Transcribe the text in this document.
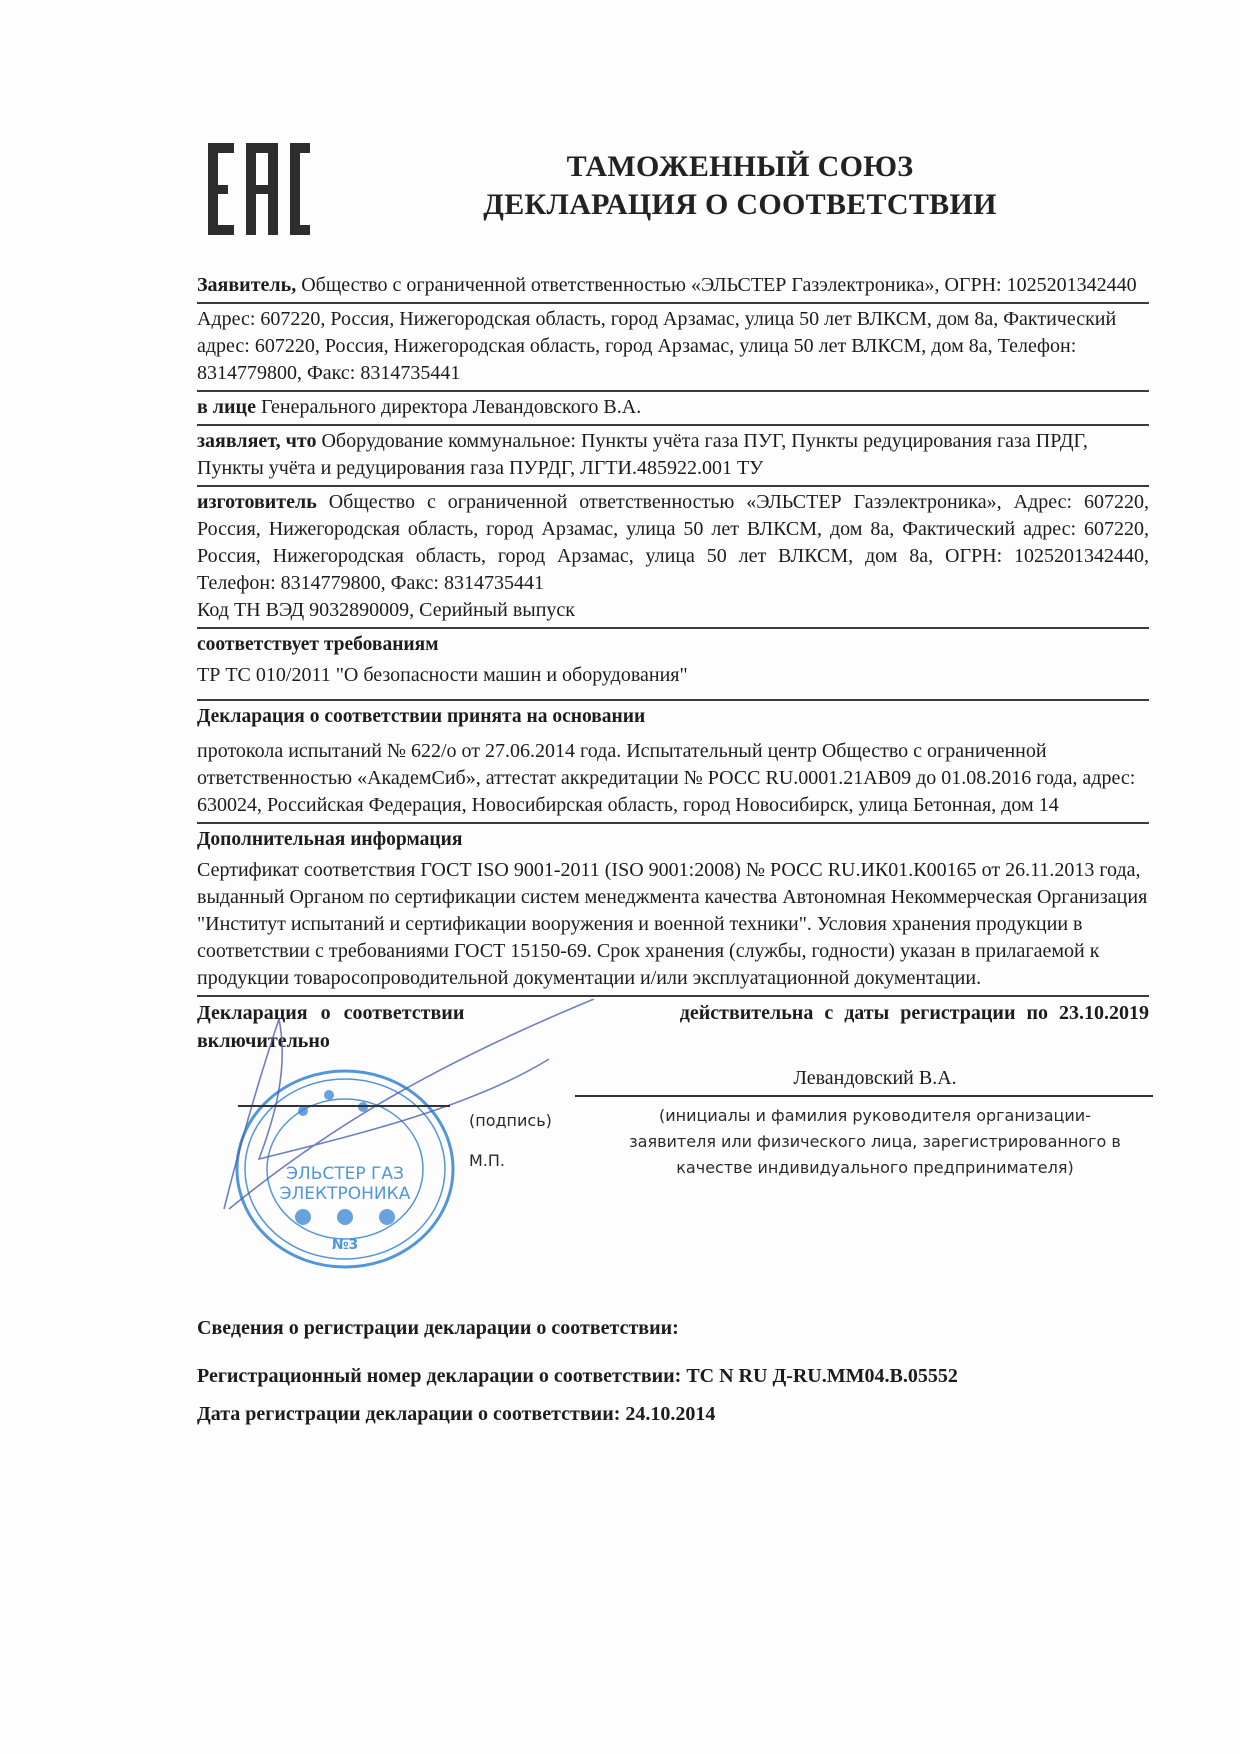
ТАМОЖЕННЫЙ СОЮЗ
ДЕКЛАРАЦИЯ О СООТВЕТСТВИИ
Заявитель, Общество с ограниченной ответственностью «ЭЛЬСТЕР Газэлектроника», ОГРН: 1025201342440
Адрес: 607220, Россия, Нижегородская область, город Арзамас, улица 50 лет ВЛКСМ, дом 8а, Фактический адрес: 607220, Россия, Нижегородская область, город Арзамас, улица 50 лет ВЛКСМ, дом 8а, Телефон: 8314779800, Факс: 8314735441
в лице Генерального директора Левандовского В.А.
заявляет, что Оборудование коммунальное: Пункты учёта газа ПУГ, Пункты редуцирования газа ПРДГ, Пункты учёта и редуцирования газа ПУРДГ, ЛГТИ.485922.001 ТУ
изготовитель Общество с ограниченной ответственностью «ЭЛЬСТЕР Газэлектроника», Адрес: 607220, Россия, Нижегородская область, город Арзамас, улица 50 лет ВЛКСМ, дом 8а, Фактический адрес: 607220, Россия, Нижегородская область, город Арзамас, улица 50 лет ВЛКСМ, дом 8а, ОГРН: 1025201342440, Телефон: 8314779800, Факс: 8314735441
Код ТН ВЭД 9032890009, Серийный выпуск
соответствует требованиям
ТР ТС 010/2011 "О безопасности машин и оборудования"
Декларация о соответствии принята на основании
протокола испытаний № 622/о от 27.06.2014 года. Испытательный центр Общество с ограниченной ответственностью «АкадемСиб», аттестат аккредитации № РОСС RU.0001.21АВ09 до 01.08.2016 года, адрес: 630024, Российская Федерация, Новосибирская область, город Новосибирск, улица Бетонная, дом 14
Дополнительная информация
Сертификат соответствия ГОСТ ISO 9001-2011 (ISO 9001:2008) № РОСС RU.ИК01.К00165 от 26.11.2013 года, выданный Органом по сертификации систем менеджмента качества Автономная Некоммерческая Организация "Институт испытаний и сертификации вооружения и военной техники". Условия хранения продукции в соответствии с требованиями ГОСТ 15150-69. Срок хранения (службы, годности) указан в прилагаемой к продукции товаросопроводительной документации и/или эксплуатационной документации.
Декларация о соответствии	действительна с даты регистрации по 23.10.2019
включительно
ЭЛЬСТЕР ГАЗ
ЭЛЕКТРОНИКА
№3
(подпись)
М.П.
Левандовский В.А.
(инициалы и фамилия руководителя организации-
заявителя или физического лица, зарегистрированного в
качестве индивидуального предпринимателя)
Сведения о регистрации декларации о соответствии:
Регистрационный номер декларации о соответствии: ТС N RU Д-RU.ММ04.В.05552
Дата регистрации декларации о соответствии: 24.10.2014
